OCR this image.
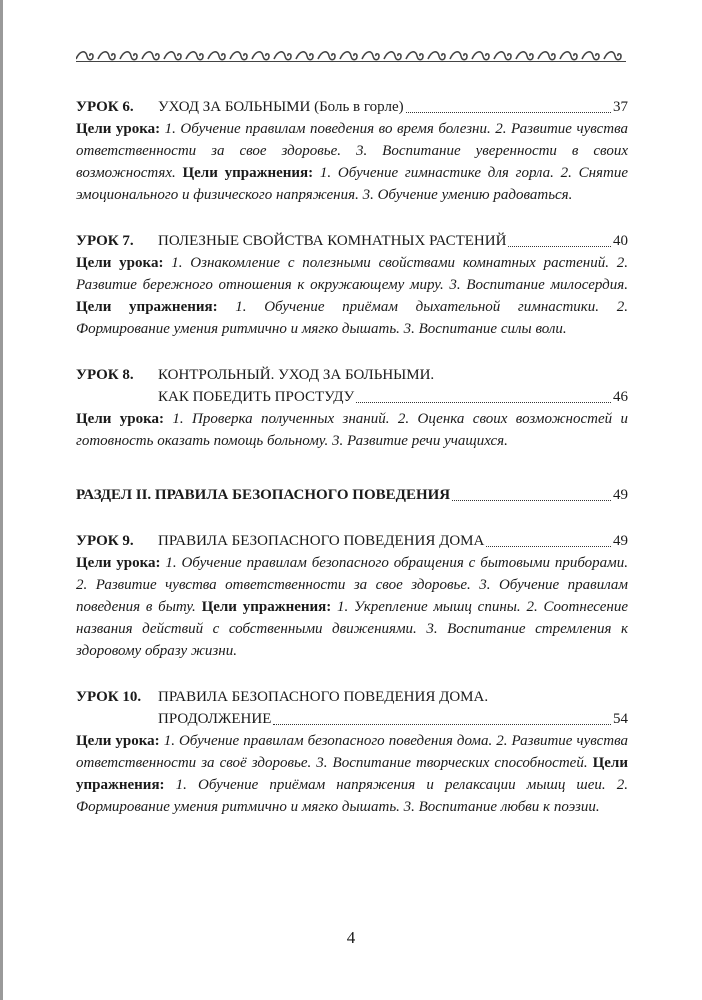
УРОК 6.	УХОД ЗА БОЛЬНЫМИ (Боль в горле)	37

Цели урока: 1. Обучение правилам поведения во время болезни. 2. Развитие чувства ответственности за свое здоровье. 3. Воспитание уверенности в своих возможностях. Цели упражнения: 1. Обучение гимнастике для горла. 2. Снятие эмоционального и физического напряжения. 3. Обучение умению радоваться.

УРОК 7.	ПОЛЕЗНЫЕ СВОЙСТВА КОМНАТНЫХ РАСТЕНИЙ	40

Цели урока: 1. Ознакомление с полезными свойствами комнатных растений. 2. Развитие бережного отношения к окружающему миру. 3. Воспитание милосердия. Цели упражнения: 1. Обучение приёмам дыхательной гимнастики. 2. Формирование умения ритмично и мягко дышать. 3. Воспитание силы воли.

УРОК 8.	КОНТРОЛЬНЫЙ. УХОД ЗА БОЛЬНЫМИ.
КАК ПОБЕДИТЬ ПРОСТУДУ	46

Цели урока: 1. Проверка полученных знаний. 2. Оценка своих возможностей и готовность оказать помощь больному. 3. Развитие речи учащихся.

РАЗДЕЛ II. ПРАВИЛА БЕЗОПАСНОГО ПОВЕДЕНИЯ	49
УРОК 9.	ПРАВИЛА БЕЗОПАСНОГО ПОВЕДЕНИЯ ДОМА	49

Цели урока: 1. Обучение правилам безопасного обращения с бытовыми приборами. 2. Развитие чувства ответственности за свое здоровье. 3. Обучение правилам поведения в быту. Цели упражнения: 1. Укрепление мышц спины. 2. Соотнесение названия действий с собственными движениями. 3. Воспитание стремления к здоровому образу жизни.

УРОК 10.	ПРАВИЛА БЕЗОПАСНОГО ПОВЕДЕНИЯ ДОМА.
ПРОДОЛЖЕНИЕ	54

Цели урока: 1. Обучение правилам безопасного поведения дома. 2. Развитие чувства ответственности за своё здоровье. 3. Воспитание творческих способностей. Цели упражнения: 1. Обучение приёмам напряжения и релаксации мышц шеи. 2. Формирование умения ритмично и мягко дышать. 3. Воспитание любви к поэзии.

4
